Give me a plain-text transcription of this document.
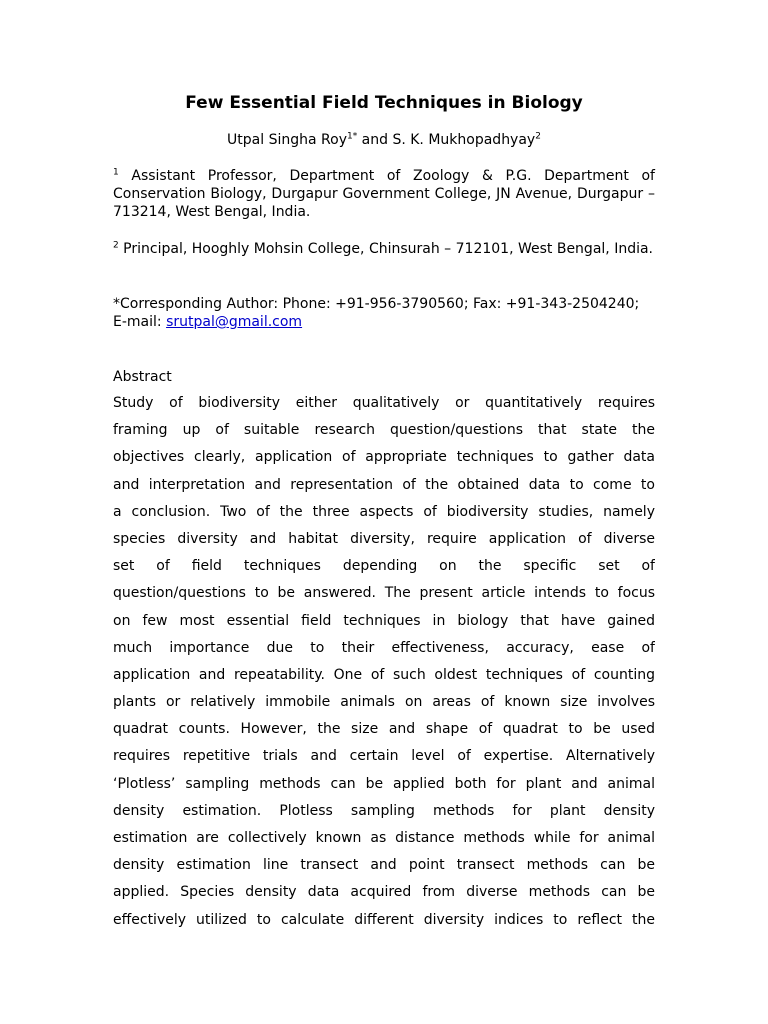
Few Essential Field Techniques in Biology

Utpal Singha Roy$^{1*}$ and S. K. Mukhopadhyay$^2$

$^1$ Assistant Professor, Department of Zoology & P.G. Department of Conservation Biology, Durgapur Government College, JN Avenue, Durgapur – 713214, West Bengal, India.

$^2$ Principal, Hooghly Mohsin College, Chinsurah – 712101, West Bengal, India.

*Corresponding Author: Phone: +91-956-3790560; Fax: +91-343-2504240; E-mail: srutpal@gmail.com

Abstract

Study of biodiversity either qualitatively or quantitatively requires
framing up of suitable research question/questions that state the
objectives clearly, application of appropriate techniques to gather data
and interpretation and representation of the obtained data to come to
a conclusion. Two of the three aspects of biodiversity studies, namely
species diversity and habitat diversity, require application of diverse
set of field techniques depending on the specific set of
question/questions to be answered. The present article intends to focus
on few most essential field techniques in biology that have gained
much importance due to their effectiveness, accuracy, ease of
application and repeatability. One of such oldest techniques of counting
plants or relatively immobile animals on areas of known size involves
quadrat counts. However, the size and shape of quadrat to be used
requires repetitive trials and certain level of expertise. Alternatively
‘Plotless’ sampling methods can be applied both for plant and animal
density estimation. Plotless sampling methods for plant density
estimation are collectively known as distance methods while for animal
density estimation line transect and point transect methods can be
applied. Species density data acquired from diverse methods can be
effectively utilized to calculate different diversity indices to reflect the
